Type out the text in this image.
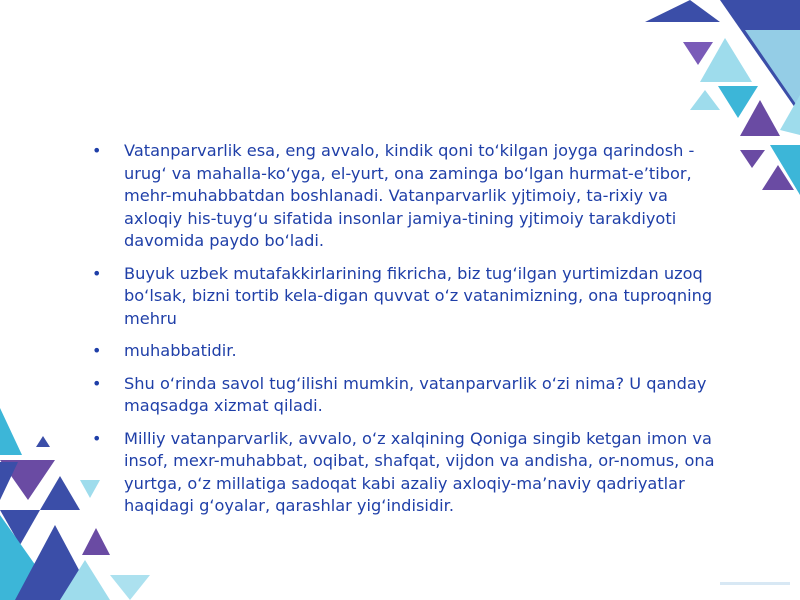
• Vatanparvarlik esa, eng avvalo, kindik qoni to‘kilgan joyga qarindosh - urug‘ va mahalla-ko‘yga, el-yurt, ona zaminga bo‘lgan hurmat-e’tibor, mehr-muhabbatdan boshlanadi. Vatanparvarlik yjtimoiy, ta-rixiy va axloqiy his-tuyg‘u sifatida insonlar jamiya-tining yjtimoiy tarakdiyoti davomida paydo bo‘ladi.
• Buyuk uzbek mutafakkirlarining fikricha, biz tug‘ilgan yurtimizdan uzoq bo‘lsak, bizni tortib kela-digan quvvat o‘z vatanimizning, ona tuproqning mehru
• muhabbatidir.
• Shu o‘rinda savol tug‘ilishi mumkin, vatanparvarlik o‘zi nima? U qanday maqsadga xizmat qiladi.
• Milliy vatanparvarlik, avvalo, o‘z xalqining Qoniga singib ketgan imon va insof, mexr-muhabbat, oqibat, shafqat, vijdon va andisha, or-nomus, ona yurtga, o‘z millatiga sadoqat kabi azaliy axloqiy-ma’naviy qadriyatlar haqidagi g‘oyalar, qarashlar yig‘indisidir.
